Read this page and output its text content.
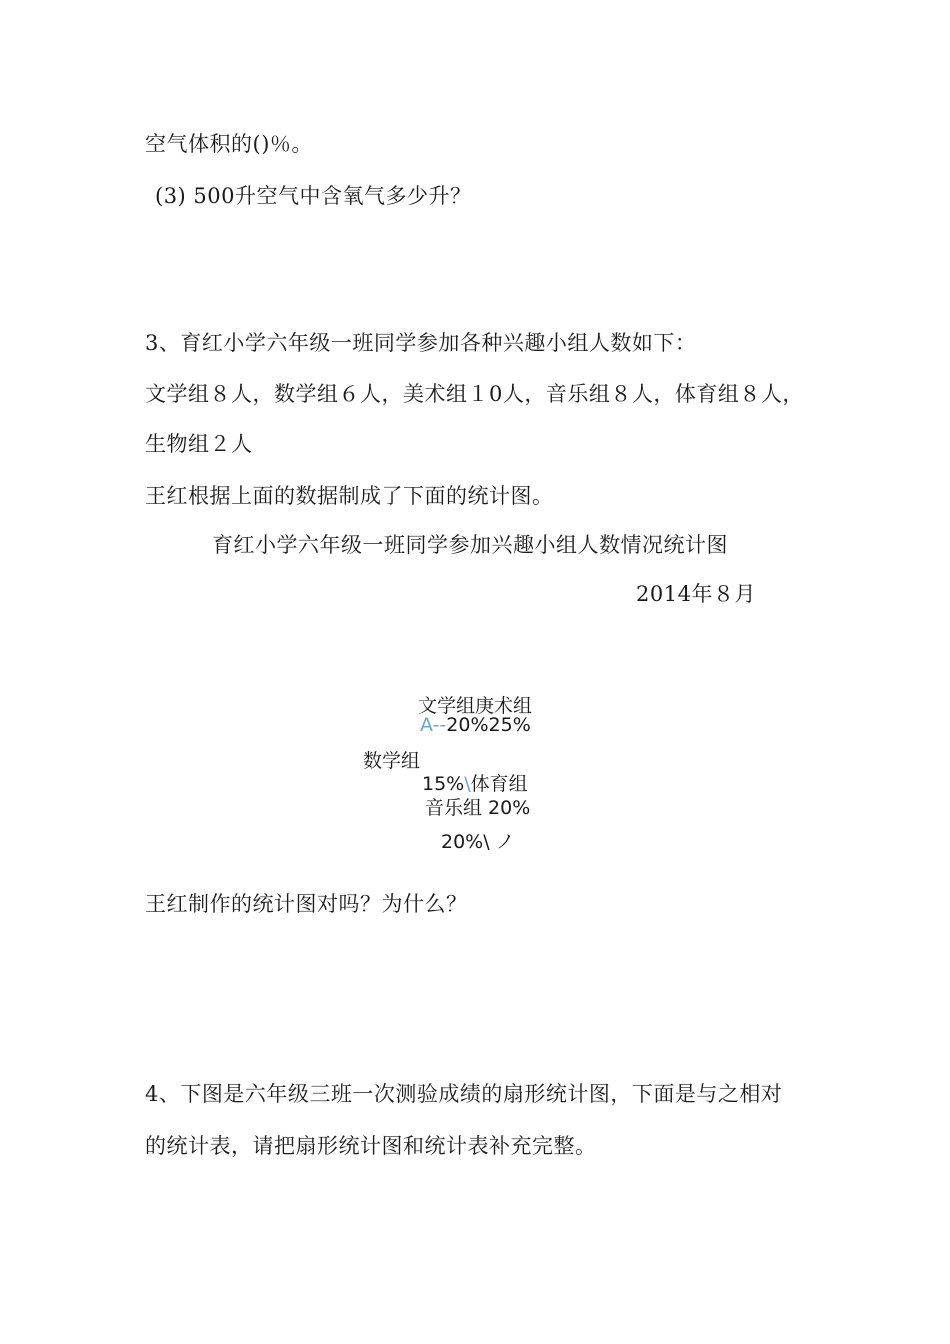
空气体积的()％。
(3) 500升空气中含氧气多少升？
3、育红小学六年级一班同学参加各种兴趣小组人数如下：
文学组８人，数学组６人，美术组１0人，音乐组８人，体育组８人，
生物组２人
王红根据上面的数据制成了下面的统计图。
育红小学六年级一班同学参加兴趣小组人数情况统计图
2014年８月
文学组庚术组
A--20%25%
数学组
15%\体育组
音乐组 20%
20%\ ノ
王红制作的统计图对吗？为什么？
4、下图是六年级三班一次测验成绩的扇形统计图，下面是与之相对
的统计表，请把扇形统计图和统计表补充完整。
